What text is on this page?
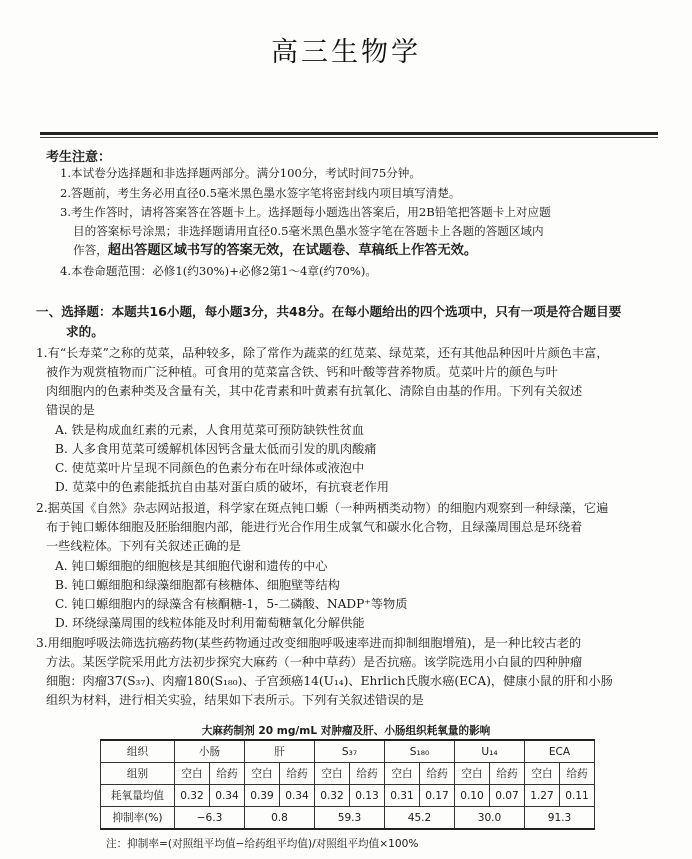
高三生物学
考生注意：
1.本试卷分选择题和非选择题两部分。满分100分，考试时间75分钟。
2.答题前，考生务必用直径0.5毫米黑色墨水签字笔将密封线内项目填写清楚。
3.考生作答时，请将答案答在答题卡上。选择题每小题选出答案后，用2B铅笔把答题卡上对应题
目的答案标号涂黑；非选择题请用直径0.5毫米黑色墨水签字笔在答题卡上各题的答题区域内
作答，超出答题区域书写的答案无效，在试题卷、草稿纸上作答无效。
4.本卷命题范围：必修1(约30%)+必修2第1～4章(约70%)。
一、选择题：本题共16小题，每小题3分，共48分。在每小题给出的四个选项中，只有一项是符合题目要
求的。
1.有“长寿菜”之称的苋菜，品种较多，除了常作为蔬菜的红苋菜、绿苋菜，还有其他品种因叶片颜色丰富，
被作为观赏植物而广泛种植。可食用的苋菜富含铁、钙和叶酸等营养物质。苋菜叶片的颜色与叶
肉细胞内的色素种类及含量有关，其中花青素和叶黄素有抗氧化、清除自由基的作用。下列有关叙述
错误的是
A. 铁是构成血红素的元素，人食用苋菜可预防缺铁性贫血
B. 人多食用苋菜可缓解机体因钙含量太低而引发的肌肉酸痛
C. 使苋菜叶片呈现不同颜色的色素分布在叶绿体或液泡中
D. 苋菜中的色素能抵抗自由基对蛋白质的破坏，有抗衰老作用
2.据英国《自然》杂志网站报道，科学家在斑点钝口螈（一种两栖类动物）的细胞内观察到一种绿藻，它遍
布于钝口螈体细胞及胚胎细胞内部，能进行光合作用生成氧气和碳水化合物，且绿藻周围总是环绕着
一些线粒体。下列有关叙述正确的是
A. 钝口螈细胞的细胞核是其细胞代谢和遗传的中心
B. 钝口螈细胞和绿藻细胞都有核糖体、细胞壁等结构
C. 钝口螈细胞内的绿藻含有核酮糖-1，5-二磷酸、NADP⁺等物质
D. 环绕绿藻周围的线粒体能及时利用葡萄糖氧化分解供能
3.用细胞呼吸法筛选抗癌药物(某些药物通过改变细胞呼吸速率进而抑制细胞增殖)，是一种比较古老的
方法。某医学院采用此方法初步探究大麻药（一种中草药）是否抗癌。该学院选用小白鼠的四种肿瘤
细胞：肉瘤37(S₃₇)、肉瘤180(S₁₈₀)、子宫颈癌14(U₁₄)、Ehrlich氏腹水癌(ECA)，健康小鼠的肝和小肠
组织为材料，进行相关实验，结果如下表所示。下列有关叙述错误的是
大麻药制剂 20 mg/mL 对肿瘤及肝、小肠组织耗氧量的影响
组织	小肠		肝		S₃₇		S₁₈₀		U₁₄		ECA	
组别	空白	给药	空白	给药	空白	给药	空白	给药	空白	给药	空白	给药
耗氧量均值	0.32	0.34	0.39	0.34	0.32	0.13	0.31	0.17	0.10	0.07	1.27	0.11
抑制率(%)	−6.3		0.8		59.3		45.2		30.0		91.3	
注：抑制率=(对照组平均值−给药组平均值)/对照组平均值×100%
